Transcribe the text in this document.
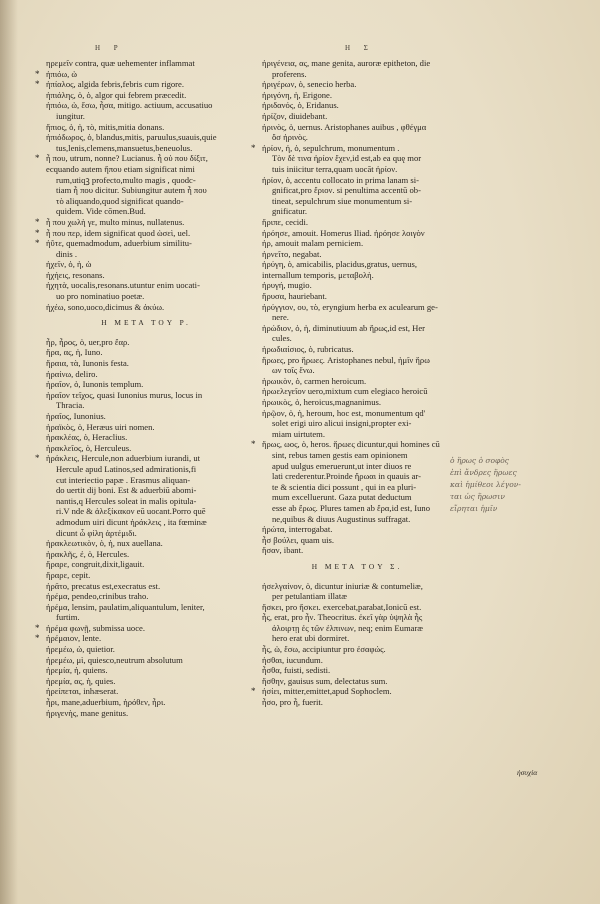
H P	H Σ
ηρεμεῖν contra, quæ uehementer inflammat
* ἠπιόω, ὡ
* ἠπίαλος, algida febris,febris cum rigore.
ἠπιάλης, ὁ, ὁ, algor qui febrem præcedit.
ἠπιόω, ὡ, ἔσω, ἦσα, mitigo. actiuum, accusatiuo
iungitur.
ἤπιος, ὁ, ἡ, τὸ, mitis,mitia donans.
ἠπιόδωρος, ὁ, blandus,mitis, paruulus,suauis,quie
tus,lenis,clemens,mansuetus,beneuolus.
* ἦ που, utrum, nonne? Lucianus. ἦ οὐ που δίξιτ,
ecquando autem ἤπου etiam significat nimi
rum,utiqꝫ profecto,multo magis , quodc-
tiam ἦ που dicitur. Subiungitur autem ἦ που
τὸ aliquando,quod significat quando-
quidem. Vide cōmen.Bud.
* ἦ που χωλὴ γε, multo minus, nullatenus.
* ἦ που περ, idem significat quod ὡσεὶ, uel.
* ἠΰτε, quemadmodum, aduerbium similitu-
dinis .
ἠχεῖν, ὁ, ἡ, ὡ
ἠχήεις, resonans.
ἠχητὰ, uocalis,resonans.utuntur enim uocati-
uo pro nominatiuo poetæ.
ἠχέω, sono,uoco,dicimus & ἀκύω.
H META TOY P.
ἦρ, ἦρος, ὁ, uer,pro ἔαρ.
ἥρα, ας, ἡ, Iuno.
ἥραια, τὰ, Iunonis festa.
ἠραίνω, deliro.
ἡραῖον, ὁ, Iunonis templum.
ἡραῖον τεῖχος, quasi Iunonius murus, locus in
Thracia.
ἡραῖος, Iunonius.
ἡραϊκὸς, ὁ, Heræus uiri nomen.
ἡρακλέας, ὁ, Heraclius.
ἡρακλεῖος, ὁ, Herculeus.
* ἡράκλεις, Hercule,non aduerbium iurandi, ut
Hercule apud Latinos,sed admirationis,fi
cut interiectio papæ . Erasmus aliquan-
do uertit dij boni. Est & aduerbiū abomi-
nantis,q Hercules soleat in malis opitula-
ri.V nde & ἀλεξίκακον eū uocant.Porro quē
admodum uiri dicunt ἡράκλεις , ita fœminæ
dicunt ὦ φίλη ἀρτέμιδι.
ἡρακλεωτικὸν, ὁ, ἡ, nux auellana.
ἡρακλῆς, ἐ, ὁ, Hercules.
ἤραρε, congruit,dixit,ligauit.
ἤραρε, cepit.
ἠρᾶτο, precatus est,execratus est.
ἠρέμα, pendeo,crinibus traho.
ἠρέμα, lensim, paulatim,aliquantulum, leniter,
furtim.
* ἠρέμα φωνῇ, submissa uoce.
* ἠρέμαιον, lente.
ἠρεμέω, ὡ, quietior.
ἠρεμέω, μὶ, quiesco,neutrum absolutum
ἠρεμία, ἡ, quiens.
ἡρεμία, ας, ἡ, quies.
ἠρείπεται, inhæserat.
ἦρι, mane,aduerbium, ἠρόθεν, ἦρι.
ἠριγενὴς, mane genitus.
ἠριγένεια, ας, mane genita, auroræ epitheton, die
proferens.
ἠριγέρων, ὁ, senecio herba.
ἠριγόνη, ἡ, Erigone.
ἠριδανός, ὁ, Eridanus.
ἠρίζον, diuidebant.
ἠρινὸς, ὁ, uernus. Aristophanes auibus , φθέγμα
ὅσ ἠρινὸς.
* ἠρίον, ἠ, ὁ, sepulchrum, monumentum .
Τὸν δὲ τινα ἠρίον ἔχεν,id est,ab ea quę mor
tuis iniicitur terra,quam uocāt ἠρίον.
ἠρίον, ὁ, accentu collocato in prima lanam si-
gnificat,pro ἔριον. si penultima accentū ob-
tineat, sepulchrum siue monumentum si-
gnificatur.
ἤριπε, cecidi.
ἠρόησε, amouit. Homerus Iliad. ἠρόησε λοιγὸν
ἠρ, amouit malam perniciem.
ἠρνεῖτο, negabat.
ἠρύγη, ὁ, amicabilis, placidus,gratus, uernus,
internallum temporis, μεταβολὴ.
ἠρυγή, mugio.
ἤρυσα, hauriebant.
ἠρύγγιον, ου, τὸ, eryngium herba ex aculearum ge-
nere.
ἡρώδιον, ὁ, ἡ, diminutiuum ab ἥρως,id est, Her
cules.
ἡρωδιαίσιος, ὁ, rubricatus.
ἥρωες, pro ἥρωες. Aristophanes nebul, ἡμῖν ἥρω
ων τοῖς ἔνω.
ἡρωικὸν, ὁ, carmen heroicum.
ἡρωελεγεῖον uero,mixtum cum elegiaco heroicū
ἡρωικὸς, ὁ, heroicus,magnanimus.
ἡρῷον, ὁ, ἡ, heroum, hoc est, monumentum qd'
solet erigi uiro alicui insigni,propter exi-
miam uirtutem.
* ἥρως, ωος, ὁ, heros. ἥρωες dicuntur,qui homines cū
sint, rebus tamen gestis eam opinionem
apud uulgus emeruerunt,ut inter diuos re
lati crederentur.Proinde ἥρωαι in quauis ar-
te & scientia dici possunt , qui in ea pluri-
mum excelluerunt. Gaza putat deductum
esse ab ἔρως. Plures tamen ab ἔρα,id est, Iuno
ne,quibus & diuus Augustinus suffragat.
ἠρώτα, interrogabat.
ἦσ βούλει, quam uis.
ἤσαν, ibant.
H META TOY Σ.
ἠσελγαίνον, ὁ, dicuntur iniuriæ & contumeliæ,
per petulantiam illatæ
ἤσκει, pro ἤσκει. exercebat,parabat,Ionicū est.
ἦς, erat, pro ἦν. Theocritus. ἐκεῖ γὰρ ὑψηλὰ ἦς
ἀλοιρτῃ ἐς τῶν ἐλπινων, neq; enim Eumaræ
hero erat ubi dormiret.
ἧς, ὡ, ἔσω, accipiuntur pro ἐσαφώς.
ἠσθαι, iucundum.
ἦσθα, fuisti, sedisti.
ἥσθην, gauisus sum, delectatus sum.
* ἠσίει, mitter,emittet,apud Sophoclem.
ἦσο, pro ἦ, fuerit.
ὁ ἥρως ὁ σοφὸς
ἐπὶ ἄνδρες ἥρωες
καὶ ἡμίθεοι λέγον-
ται ὡς ἥρωσιν
εἴρηται ἡμῖν
ἠσυχία
